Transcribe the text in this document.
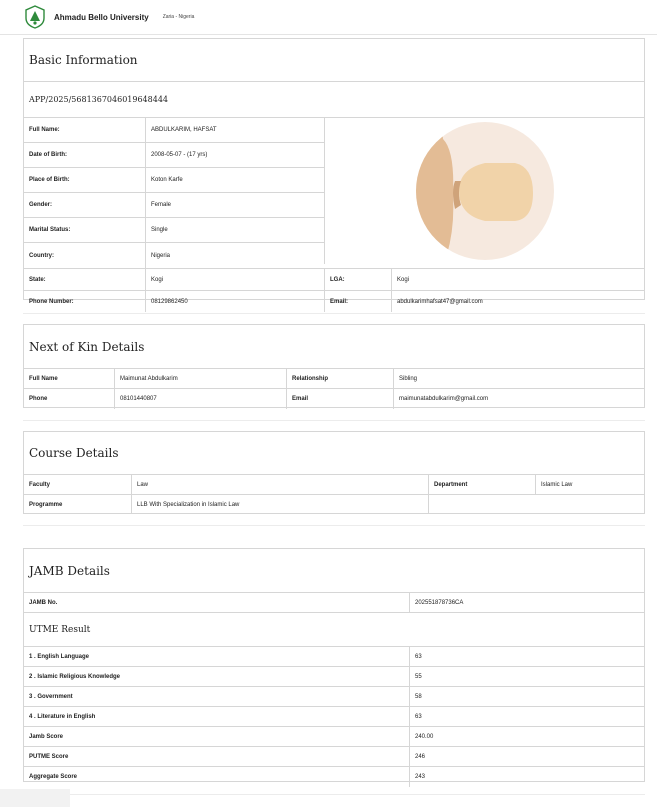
Ahmadu Bello University	Zaria - Nigeria
Basic Information
APP/2025/5681367046019648444
Full Name:	ABDULKARIM, HAFSAT
Date of Birth:	2008-05-07 - (17 yrs)
Place of Birth:	Koton Karfe
Gender:	Female
Marital Status:	Single
Country:	Nigeria
State:	Kogi	LGA:	Kogi
Phone Number:	08129862450	Email:	abdulkarimhafsat47@gmail.com
Next of Kin Details
Full Name	Maimunat Abdulkarim	Relationship	Sibling
Phone	08101440807	Email	maimunatabdulkarim@gmail.com
Course Details
Faculty	Law	Department	Islamic Law
Programme	LLB With Specialization in Islamic Law
JAMB Details
JAMB No.	202551878736CA
UTME Result
1 . English Language	63
2 . Islamic Religious Knowledge	55
3 . Government	58
4 . Literature in English	63
Jamb Score	240.00
PUTME Score	246
Aggregate Score	243
